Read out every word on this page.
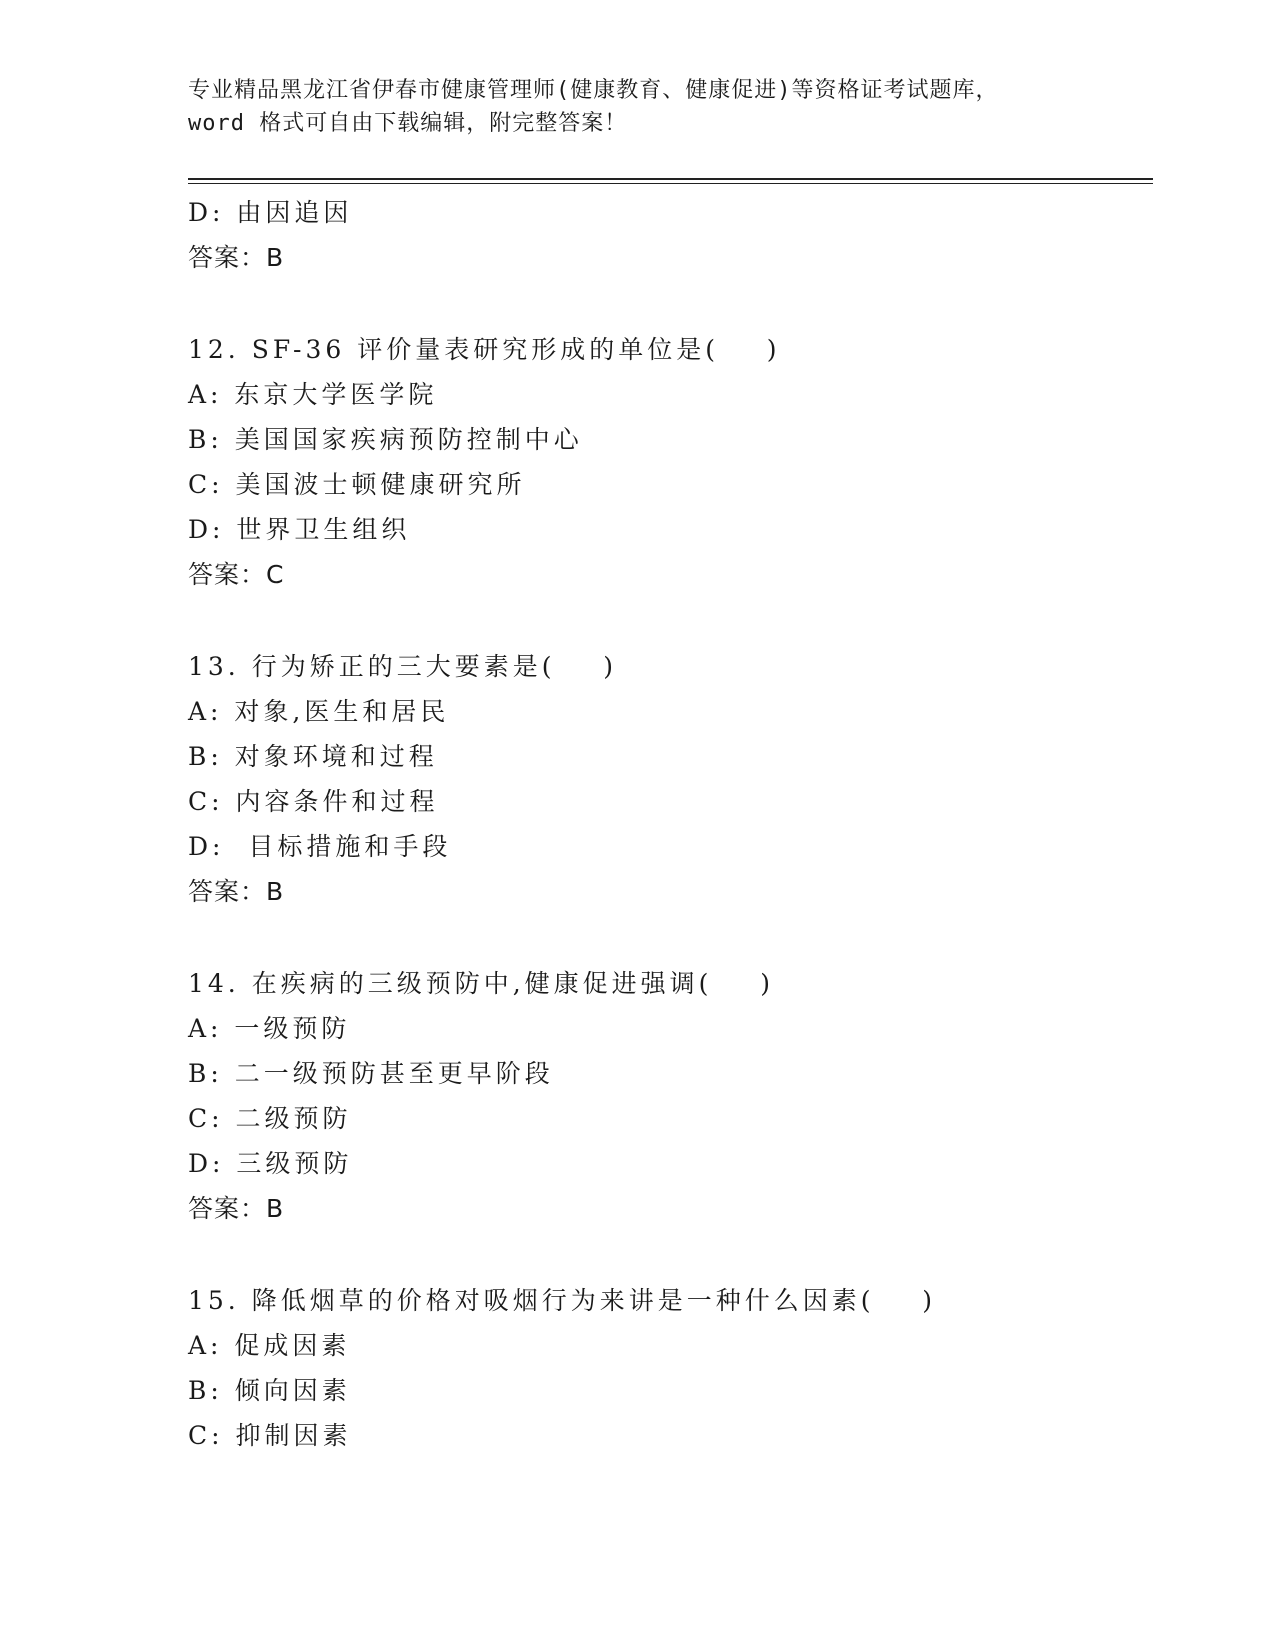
专业精品黑龙江省伊春市健康管理师(健康教育、健康促进)等资格证考试题库，
word 格式可自由下载编辑，附完整答案！
D: 由因追因
答案：B
12. SF-36 评价量表研究形成的单位是(    )
A: 东京大学医学院
B: 美国国家疾病预防控制中心
C: 美国波士顿健康研究所
D: 世界卫生组织
答案：C
13. 行为矫正的三大要素是(    )
A: 对象,医生和居民
B: 对象环境和过程
C: 内容条件和过程
D:  目标措施和手段
答案：B
14. 在疾病的三级预防中,健康促进强调(    )
A: 一级预防
B: 二一级预防甚至更早阶段
C: 二级预防
D: 三级预防
答案：B
15. 降低烟草的价格对吸烟行为来讲是一种什么因素(    )
A: 促成因素
B: 倾向因素
C: 抑制因素
